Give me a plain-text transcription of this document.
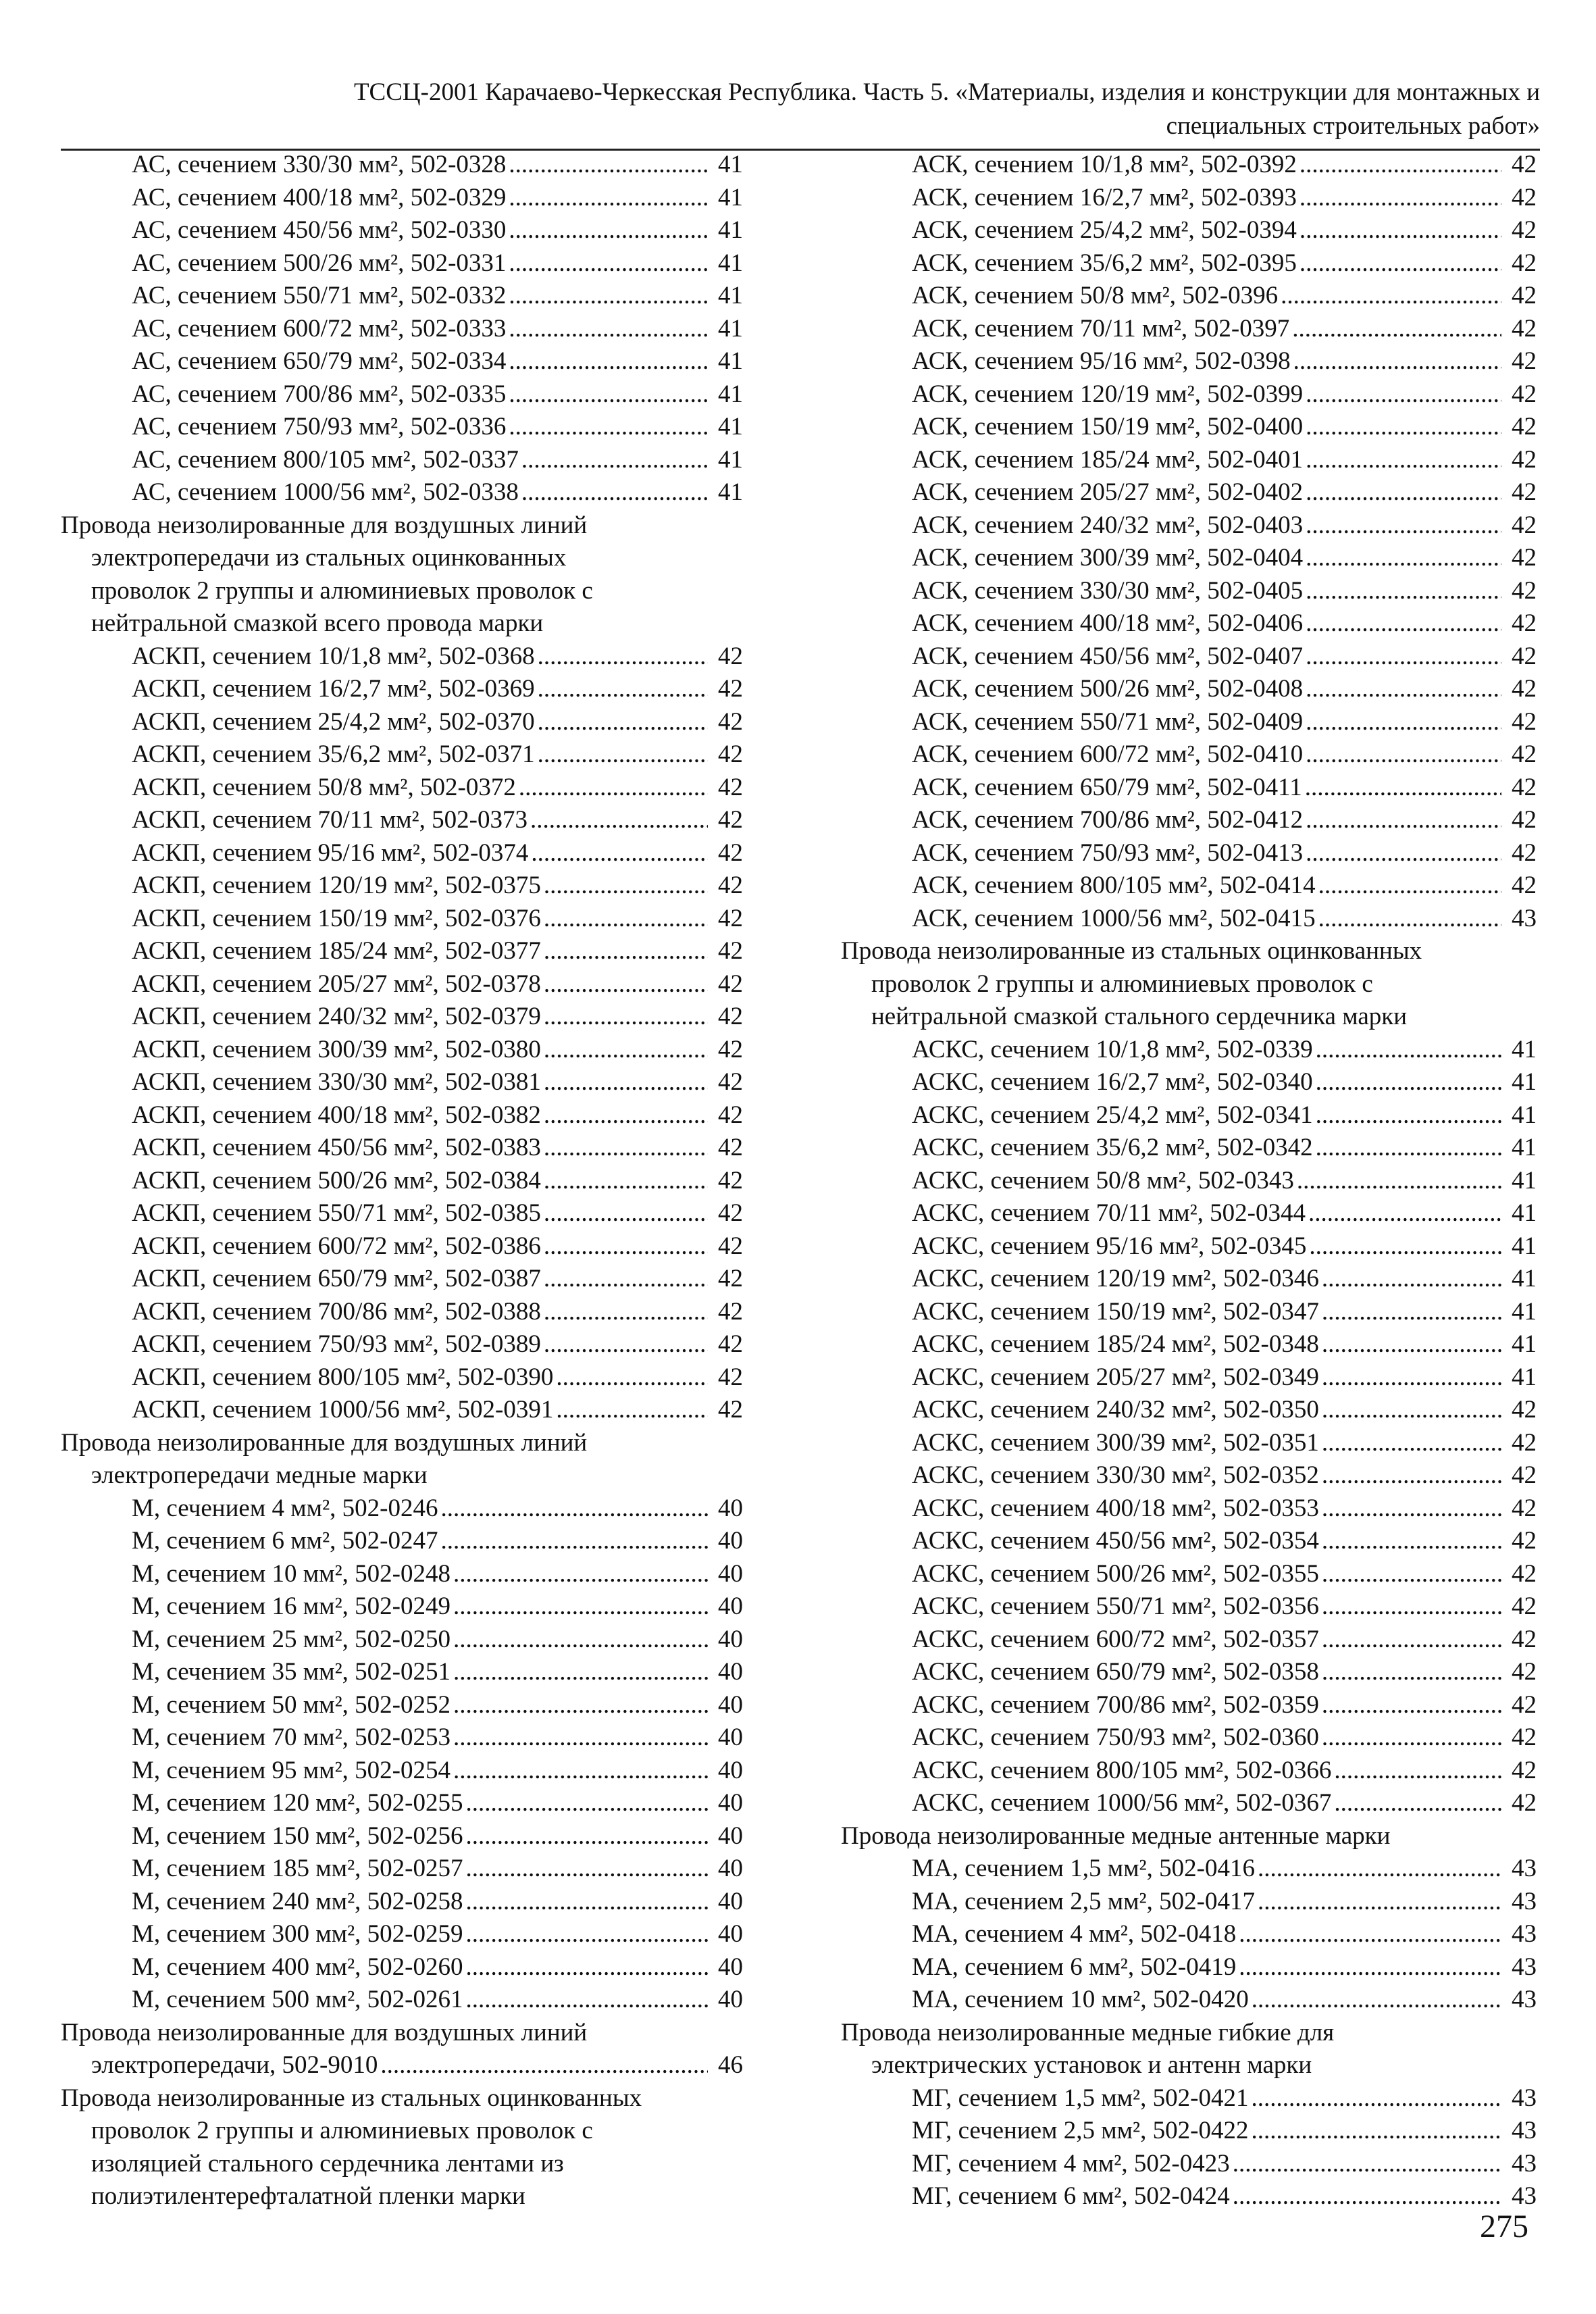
ТССЦ-2001 Карачаево-Черкесская Республика. Часть 5. «Материалы, изделия и конструкции для монтажных и
специальных строительных работ»
АС, сечением 330/30 мм², 502-0328 .....	41
АС, сечением 400/18 мм², 502-0329 .....	41
АС, сечением 450/56 мм², 502-0330 .....	41
АС, сечением 500/26 мм², 502-0331 .....	41
АС, сечением 550/71 мм², 502-0332 .....	41
АС, сечением 600/72 мм², 502-0333 .....	41
АС, сечением 650/79 мм², 502-0334 .....	41
АС, сечением 700/86 мм², 502-0335 .....	41
АС, сечением 750/93 мм², 502-0336 .....	41
АС, сечением 800/105 мм², 502-0337 .....	41
АС, сечением 1000/56 мм², 502-0338 .....	41
Провода неизолированные для воздушных линий
электропередачи из стальных оцинкованных
проволок 2 группы и алюминиевых проволок с
нейтральной смазкой всего провода марки
АСКП, сечением 10/1,8 мм², 502-0368 .....	42
АСКП, сечением 16/2,7 мм², 502-0369 .....	42
АСКП, сечением 25/4,2 мм², 502-0370 .....	42
АСКП, сечением 35/6,2 мм², 502-0371 .....	42
АСКП, сечением 50/8 мм², 502-0372 .....	42
АСКП, сечением 70/11 мм², 502-0373 .....	42
АСКП, сечением 95/16 мм², 502-0374 .....	42
АСКП, сечением 120/19 мм², 502-0375 .....	42
АСКП, сечением 150/19 мм², 502-0376 .....	42
АСКП, сечением 185/24 мм², 502-0377 .....	42
АСКП, сечением 205/27 мм², 502-0378 .....	42
АСКП, сечением 240/32 мм², 502-0379 .....	42
АСКП, сечением 300/39 мм², 502-0380 .....	42
АСКП, сечением 330/30 мм², 502-0381 .....	42
АСКП, сечением 400/18 мм², 502-0382 .....	42
АСКП, сечением 450/56 мм², 502-0383 .....	42
АСКП, сечением 500/26 мм², 502-0384 .....	42
АСКП, сечением 550/71 мм², 502-0385 .....	42
АСКП, сечением 600/72 мм², 502-0386 .....	42
АСКП, сечением 650/79 мм², 502-0387 .....	42
АСКП, сечением 700/86 мм², 502-0388 .....	42
АСКП, сечением 750/93 мм², 502-0389 .....	42
АСКП, сечением 800/105 мм², 502-0390 .....	42
АСКП, сечением 1000/56 мм², 502-0391 .....	42
Провода неизолированные для воздушных линий
электропередачи медные марки
М, сечением 4 мм², 502-0246 .....	40
М, сечением 6 мм², 502-0247 .....	40
М, сечением 10 мм², 502-0248 .....	40
М, сечением 16 мм², 502-0249 .....	40
М, сечением 25 мм², 502-0250 .....	40
М, сечением 35 мм², 502-0251 .....	40
М, сечением 50 мм², 502-0252 .....	40
М, сечением 70 мм², 502-0253 .....	40
М, сечением 95 мм², 502-0254 .....	40
М, сечением 120 мм², 502-0255 .....	40
М, сечением 150 мм², 502-0256 .....	40
М, сечением 185 мм², 502-0257 .....	40
М, сечением 240 мм², 502-0258 .....	40
М, сечением 300 мм², 502-0259 .....	40
М, сечением 400 мм², 502-0260 .....	40
М, сечением 500 мм², 502-0261 .....	40
Провода неизолированные для воздушных линий
электропередачи, 502-9010 .....	46
Провода неизолированные из стальных оцинкованных
проволок 2 группы и алюминиевых проволок с
изоляцией стального сердечника лентами из
полиэтилентерефталатной пленки марки
АСК, сечением 10/1,8 мм², 502-0392 .....	42
АСК, сечением 16/2,7 мм², 502-0393 .....	42
АСК, сечением 25/4,2 мм², 502-0394 .....	42
АСК, сечением 35/6,2 мм², 502-0395 .....	42
АСК, сечением 50/8 мм², 502-0396 .....	42
АСК, сечением 70/11 мм², 502-0397 .....	42
АСК, сечением 95/16 мм², 502-0398 .....	42
АСК, сечением 120/19 мм², 502-0399 .....	42
АСК, сечением 150/19 мм², 502-0400 .....	42
АСК, сечением 185/24 мм², 502-0401 .....	42
АСК, сечением 205/27 мм², 502-0402 .....	42
АСК, сечением 240/32 мм², 502-0403 .....	42
АСК, сечением 300/39 мм², 502-0404 .....	42
АСК, сечением 330/30 мм², 502-0405 .....	42
АСК, сечением 400/18 мм², 502-0406 .....	42
АСК, сечением 450/56 мм², 502-0407 .....	42
АСК, сечением 500/26 мм², 502-0408 .....	42
АСК, сечением 550/71 мм², 502-0409 .....	42
АСК, сечением 600/72 мм², 502-0410 .....	42
АСК, сечением 650/79 мм², 502-0411 .....	42
АСК, сечением 700/86 мм², 502-0412 .....	42
АСК, сечением 750/93 мм², 502-0413 .....	42
АСК, сечением 800/105 мм², 502-0414 .....	42
АСК, сечением 1000/56 мм², 502-0415 .....	43
Провода неизолированные из стальных оцинкованных
проволок 2 группы и алюминиевых проволок с
нейтральной смазкой стального сердечника марки
АСКС, сечением 10/1,8 мм², 502-0339 .....	41
АСКС, сечением 16/2,7 мм², 502-0340 .....	41
АСКС, сечением 25/4,2 мм², 502-0341 .....	41
АСКС, сечением 35/6,2 мм², 502-0342 .....	41
АСКС, сечением 50/8 мм², 502-0343 .....	41
АСКС, сечением 70/11 мм², 502-0344 .....	41
АСКС, сечением 95/16 мм², 502-0345 .....	41
АСКС, сечением 120/19 мм², 502-0346 .....	41
АСКС, сечением 150/19 мм², 502-0347 .....	41
АСКС, сечением 185/24 мм², 502-0348 .....	41
АСКС, сечением 205/27 мм², 502-0349 .....	41
АСКС, сечением 240/32 мм², 502-0350 .....	42
АСКС, сечением 300/39 мм², 502-0351 .....	42
АСКС, сечением 330/30 мм², 502-0352 .....	42
АСКС, сечением 400/18 мм², 502-0353 .....	42
АСКС, сечением 450/56 мм², 502-0354 .....	42
АСКС, сечением 500/26 мм², 502-0355 .....	42
АСКС, сечением 550/71 мм², 502-0356 .....	42
АСКС, сечением 600/72 мм², 502-0357 .....	42
АСКС, сечением 650/79 мм², 502-0358 .....	42
АСКС, сечением 700/86 мм², 502-0359 .....	42
АСКС, сечением 750/93 мм², 502-0360 .....	42
АСКС, сечением 800/105 мм², 502-0366 .....	42
АСКС, сечением 1000/56 мм², 502-0367 .....	42
Провода неизолированные медные антенные марки
МА, сечением 1,5 мм², 502-0416 .....	43
МА, сечением 2,5 мм², 502-0417 .....	43
МА, сечением 4 мм², 502-0418 .....	43
МА, сечением 6 мм², 502-0419 .....	43
МА, сечением 10 мм², 502-0420 .....	43
Провода неизолированные медные гибкие для
электрических установок и антенн марки
МГ, сечением 1,5 мм², 502-0421 .....	43
МГ, сечением 2,5 мм², 502-0422 .....	43
МГ, сечением 4 мм², 502-0423 .....	43
МГ, сечением 6 мм², 502-0424 .....	43
275
